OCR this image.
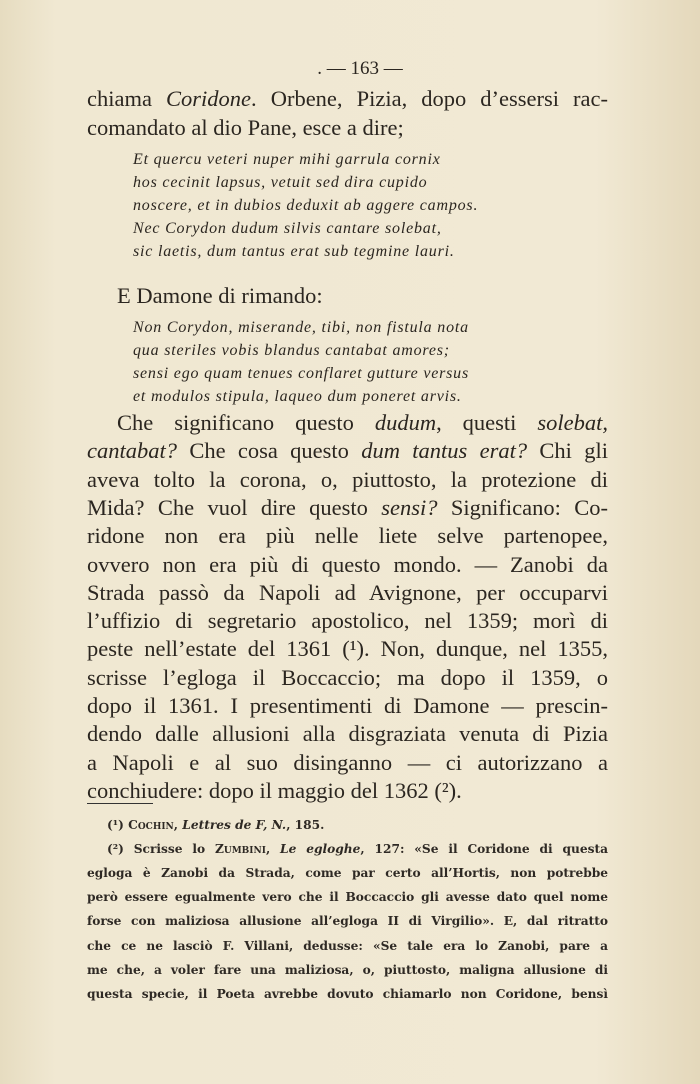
. — 163 —
chiama Coridone. Orbene, Pizia, dopo d’essersi rac-
comandato al dio Pane, esce a dire;
Et quercu veteri nuper mihi garrula cornix
hos cecinit lapsus, vetuit sed dira cupido
noscere, et in dubios deduxit ab aggere campos.
Nec Corydon dudum silvis cantare solebat,
sic laetis, dum tantus erat sub tegmine lauri.
E Damone di rimando:
Non Corydon, miserande, tibi, non fistula nota
qua steriles vobis blandus cantabat amores;
sensi ego quam tenues conflaret gutture versus
et modulos stipula, laqueo dum poneret arvis.
Che significano questo dudum, questi solebat,
cantabat? Che cosa questo dum tantus erat? Chi gli
aveva tolto la corona, o, piuttosto, la protezione di
Mida? Che vuol dire questo sensi? Significano: Co-
ridone non era più nelle liete selve partenopee,
ovvero non era più di questo mondo. — Zanobi da
Strada passò da Napoli ad Avignone, per occuparvi
l’uffizio di segretario apostolico, nel 1359; morì di
peste nell’estate del 1361 (¹). Non, dunque, nel 1355,
scrisse l’egloga il Boccaccio; ma dopo il 1359, o
dopo il 1361. I presentimenti di Damone — prescin-
dendo dalle allusioni alla disgraziata venuta di Pizia
a Napoli e al suo disinganno — ci autorizzano a
conchiudere: dopo il maggio del 1362 (²).
(¹) Cochin, Lettres de F, N., 185.
(²) Scrisse lo Zumbini, Le egloghe, 127: «Se il Coridone di questa
egloga è Zanobi da Strada, come par certo all’Hortis, non potrebbe
però essere egualmente vero che il Boccaccio gli avesse dato quel nome
forse con maliziosa allusione all’egloga II di Virgilio». E, dal ritratto
che ce ne lasciò F. Villani, dedusse: «Se tale era lo Zanobi, pare a
me che, a voler fare una maliziosa, o, piuttosto, maligna allusione di
questa specie, il Poeta avrebbe dovuto chiamarlo non Coridone, bensì
